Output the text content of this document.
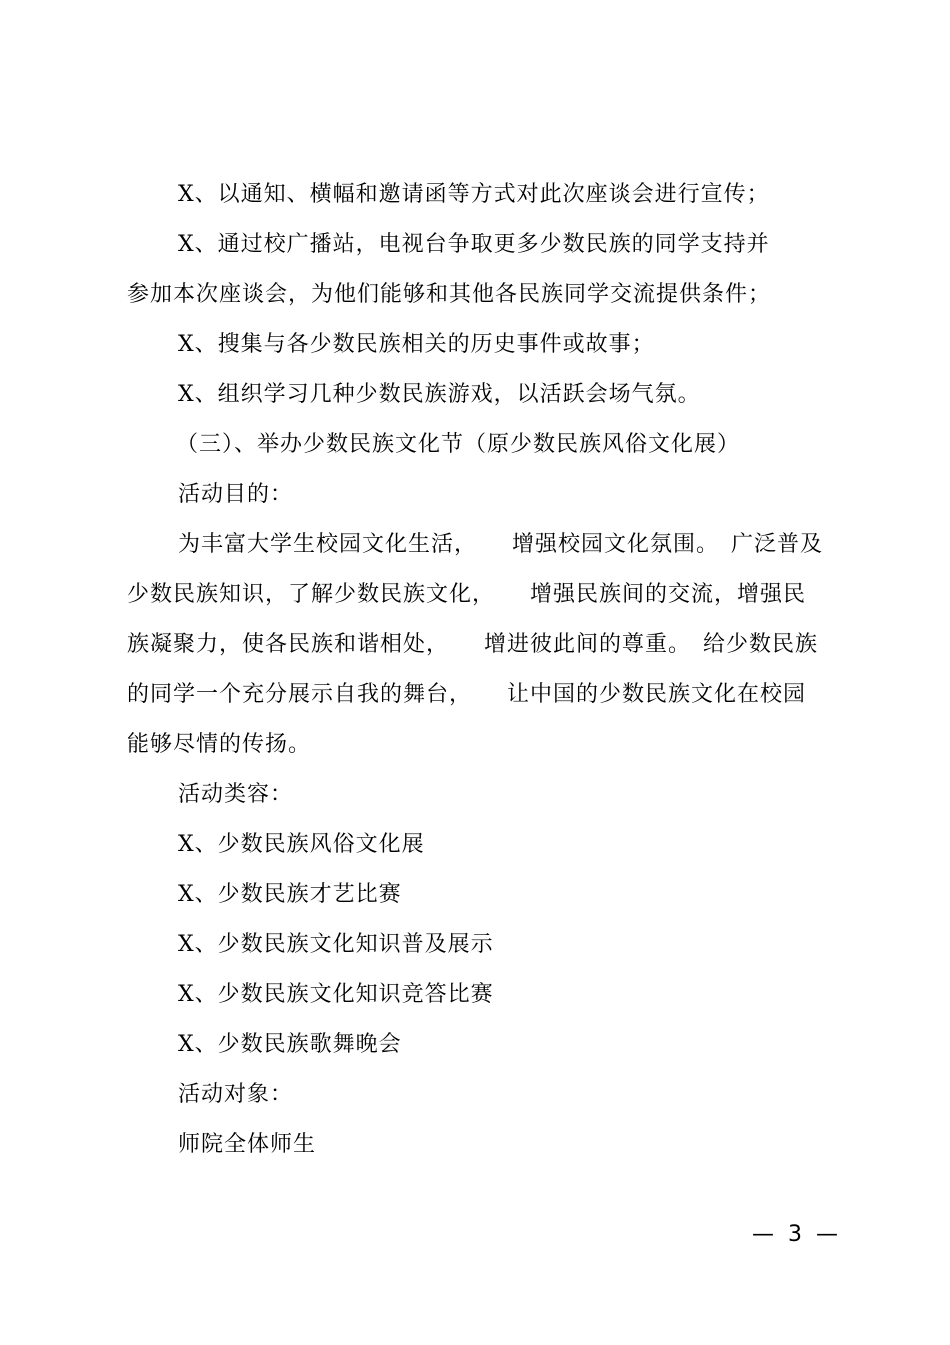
X、以通知、横幅和邀请函等方式对此次座谈会进行宣传；
X、通过校广播站，电视台争取更多少数民族的同学支持并
参加本次座谈会，为他们能够和其他各民族同学交流提供条件；
X、搜集与各少数民族相关的历史事件或故事；
X、组织学习几种少数民族游戏，以活跃会场气氛。
（三）、举办少数民族文化节（原少数民族风俗文化展）
活动目的：
为丰富大学生校园文化生活，　　增强校园文化氛围。　广泛普及
少数民族知识，了解少数民族文化，　　增强民族间的交流，增强民
族凝聚力，使各民族和谐相处，　　增进彼此间的尊重。　给少数民族
的同学一个充分展示自我的舞台，　　让中国的少数民族文化在校园
能够尽情的传扬。
活动类容：
X、少数民族风俗文化展
X、少数民族才艺比赛
X、少数民族文化知识普及展示
X、少数民族文化知识竞答比赛
X、少数民族歌舞晚会
活动对象：
师院全体师生
—  3  —
